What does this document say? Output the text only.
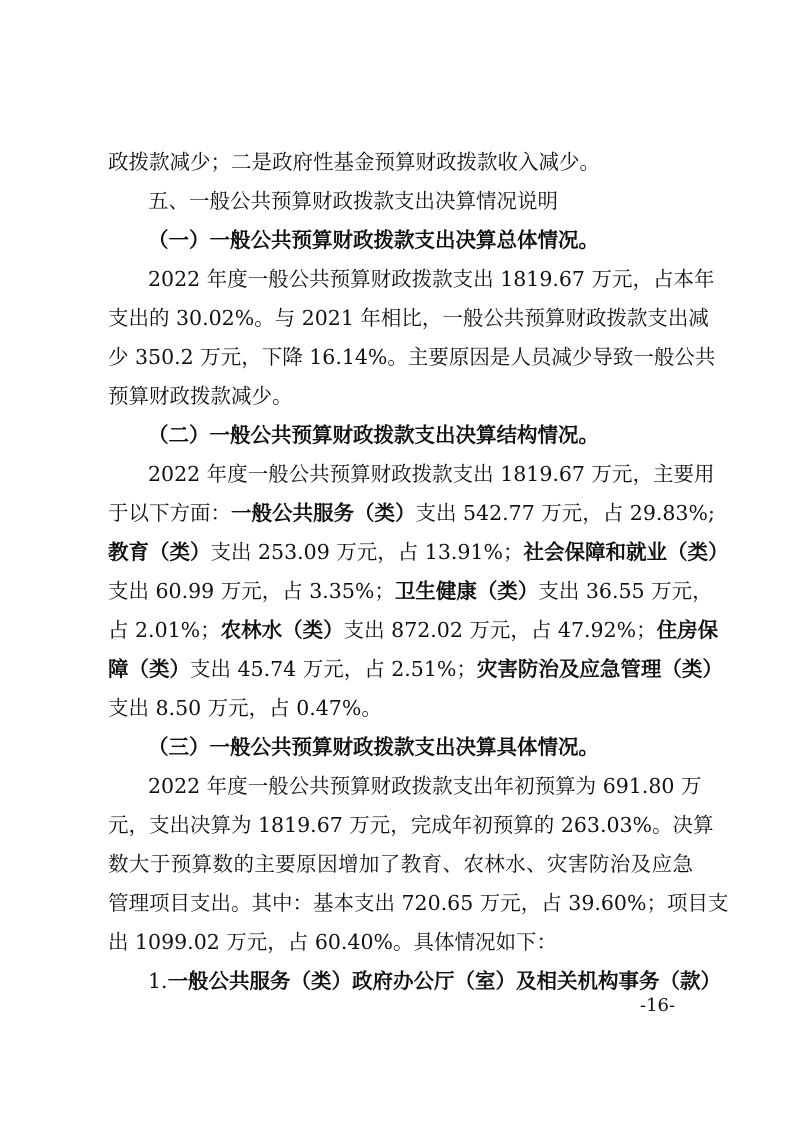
政拨款减少；二是政府性基金预算财政拨款收入减少。
五、一般公共预算财政拨款支出决算情况说明
（一）一般公共预算财政拨款支出决算总体情况。
2022 年度一般公共预算财政拨款支出 1819.67 万元，占本年
支出的 30.02%。与 2021 年相比，一般公共预算财政拨款支出减
少 350.2 万元，下降 16.14%。主要原因是人员减少导致一般公共
预算财政拨款减少。
（二）一般公共预算财政拨款支出决算结构情况。
2022 年度一般公共预算财政拨款支出 1819.67 万元，主要用
于以下方面：一般公共服务（类）支出 542.77 万元，占 29.83%;
教育（类）支出 253.09 万元，占 13.91%；社会保障和就业（类）
支出 60.99 万元，占 3.35%；卫生健康（类）支出 36.55 万元，
占 2.01%；农林水（类）支出 872.02 万元，占 47.92%；住房保
障（类）支出 45.74 万元，占 2.51%；灾害防治及应急管理（类）
支出 8.50 万元，占 0.47%。
（三）一般公共预算财政拨款支出决算具体情况。
2022 年度一般公共预算财政拨款支出年初预算为 691.80 万
元，支出决算为 1819.67 万元，完成年初预算的 263.03%。决算
数大于预算数的主要原因增加了教育、农林水、灾害防治及应急
管理项目支出。其中：基本支出 720.65 万元，占 39.60%；项目支
出 1099.02 万元，占 60.40%。具体情况如下：
1.一般公共服务（类）政府办公厅（室）及相关机构事务（款）
-16-
